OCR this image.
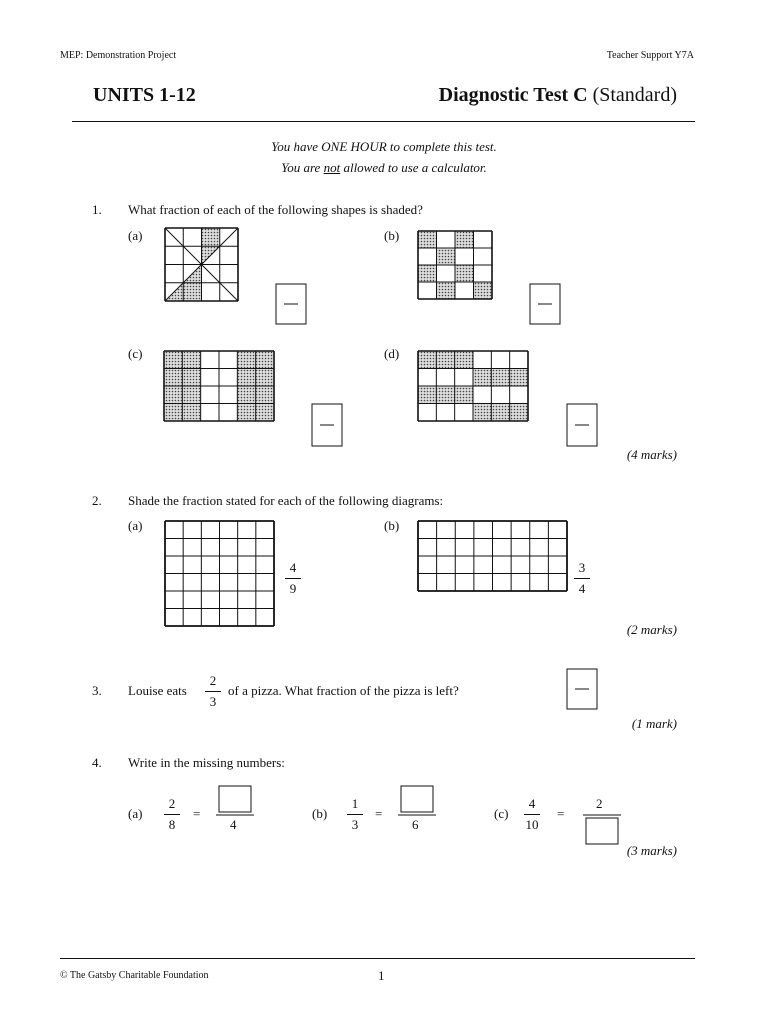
MEP: Demonstration Project	Teacher Support Y7A
UNITS 1-12	Diagnostic Test C (Standard)
You have ONE HOUR to complete this test.
You are not allowed to use a calculator.
1. What fraction of each of the following shapes is shaded?
(a)	(b)
(c)	(d)
(4 marks)
2. Shade the fraction stated for each of the following diagrams:
(a)	(b)
4
9
3
4
(2 marks)
3. Louise eats
2
3
of a pizza. What fraction of the pizza is left?
(1 mark)
4. Write in the missing numbers:
(a)
2
8
=
4
(b)
1
3
=
6
(c)
4
10
=
2
(3 marks)
© The Gatsby Charitable Foundation	1
